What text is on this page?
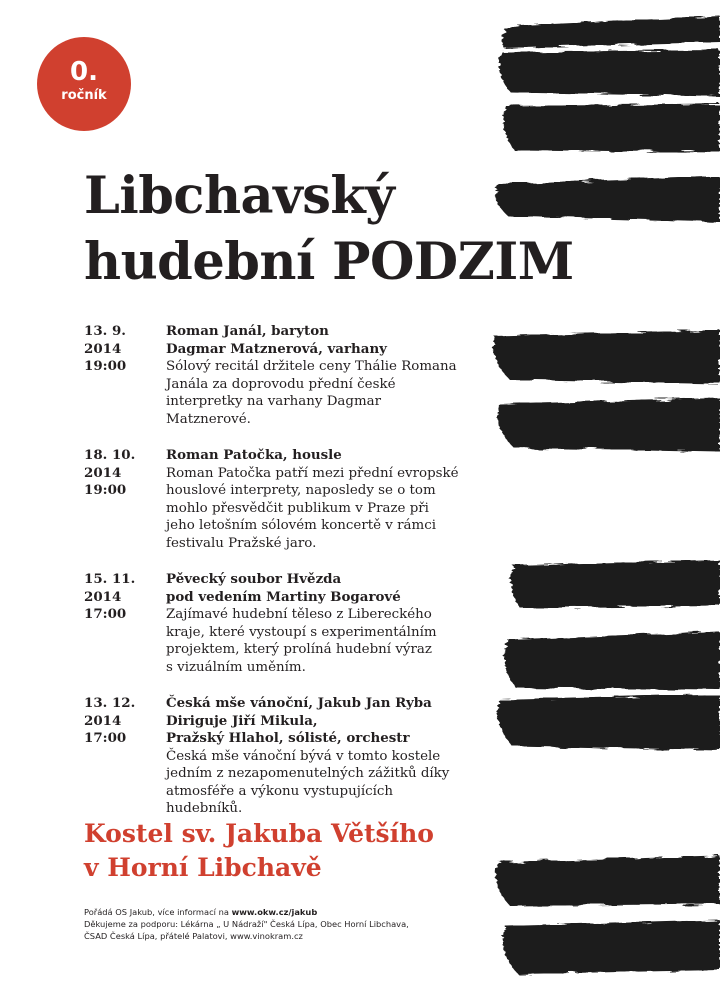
0.
ročník
Libchavský
hudební PODZIM
13. 9. 2014
19:00
Roman Janál, baryton
Dagmar Matznerová, varhany
Sólový recitál držitele ceny Thálie Romana
Janála za doprovodu přední české
interpretky na varhany Dagmar
Matznerové.
18. 10. 2014
19:00
Roman Patočka, housle
Roman Patočka patří mezi přední evropské
houslové interprety, naposledy se o tom
mohlo přesvědčit publikum v Praze při
jeho letošním sólovém koncertě v rámci
festivalu Pražské jaro.
15. 11. 2014
17:00
Pěvecký soubor Hvězda
pod vedením Martiny Bogarové
Zajímavé hudební těleso z Libereckého
kraje, které vystoupí s experimentálním
projektem, který prolíná hudební výraz
s vizuálním uměním.
13. 12. 2014
17:00
Česká mše vánoční, Jakub Jan Ryba
Diriguje Jiří Mikula,
Pražský Hlahol, sólisté, orchestr
Česká mše vánoční bývá v tomto kostele
jedním z nezapomenutelných zážitků díky
atmosféře a výkonu vystupujících
hudebníků.
Kostel sv. Jakuba Většího
v Horní Libchavě
Pořádá OS Jakub, více informací na www.okw.cz/jakub
Děkujeme za podporu: Lékárna „ U Nádraží" Česká Lípa, Obec Horní Libchava,
ČSAD Česká Lípa, přátelé Palatovi, www.vinokram.cz
